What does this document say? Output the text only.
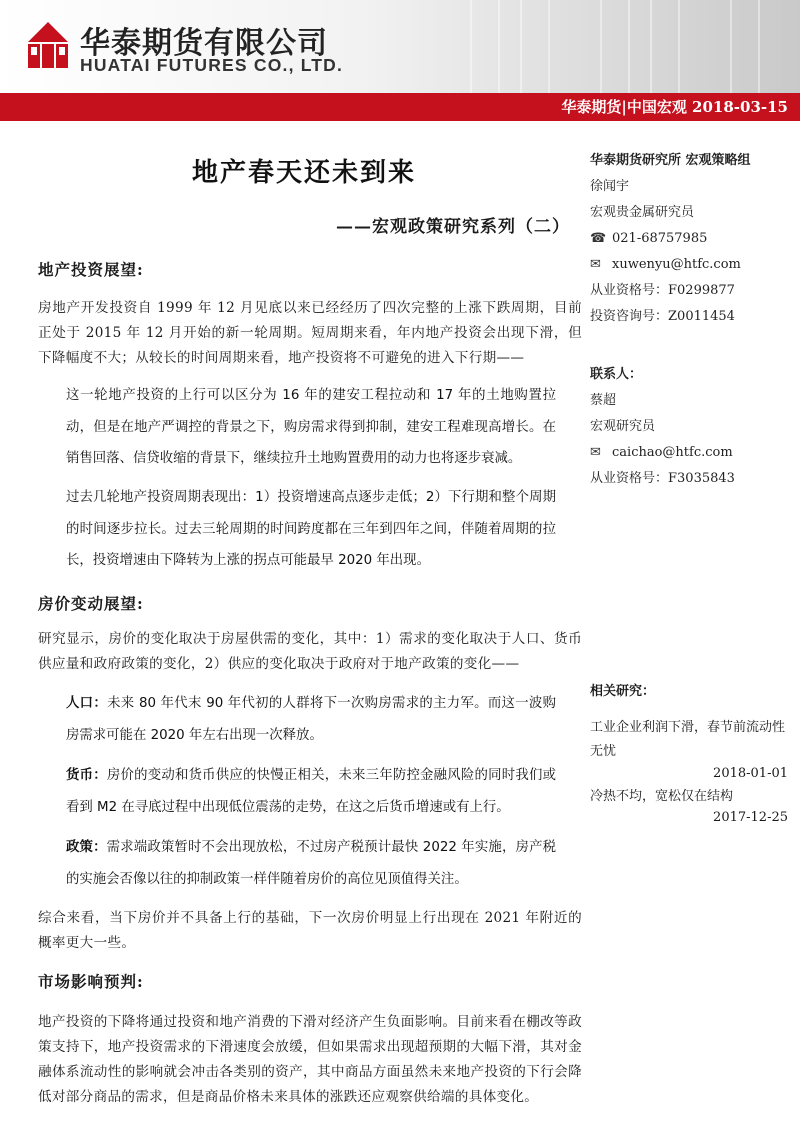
华泰期货有限公司
HUATAI FUTURES CO., LTD.
华泰期货|中国宏观 2018-03-15
地产春天还未到来
——宏观政策研究系列（二）
地产投资展望:
房地产开发投资自 1999 年 12 月见底以来已经经历了四次完整的上涨下跌周期，目前正处于 2015 年 12 月开始的新一轮周期。短周期来看，年内地产投资会出现下滑，但下降幅度不大；从较长的时间周期来看，地产投资将不可避免的进入下行期——
这一轮地产投资的上行可以区分为 16 年的建安工程拉动和 17 年的土地购置拉动，但是在地产严调控的背景之下，购房需求得到抑制，建安工程难现高增长。在销售回落、信贷收缩的背景下，继续拉升土地购置费用的动力也将逐步衰减。
过去几轮地产投资周期表现出：1）投资增速高点逐步走低；2）下行期和整个周期的时间逐步拉长。过去三轮周期的时间跨度都在三年到四年之间，伴随着周期的拉长，投资增速由下降转为上涨的拐点可能最早 2020 年出现。
房价变动展望:
研究显示，房价的变化取决于房屋供需的变化，其中：1）需求的变化取决于人口、货币供应量和政府政策的变化，2）供应的变化取决于政府对于地产政策的变化——
人口：未来 80 年代末 90 年代初的人群将下一次购房需求的主力军。而这一波购房需求可能在 2020 年左右出现一次释放。
货币：房价的变动和货币供应的快慢正相关，未来三年防控金融风险的同时我们或看到 M2 在寻底过程中出现低位震荡的走势，在这之后货币增速或有上行。
政策：需求端政策暂时不会出现放松，不过房产税预计最快 2022 年实施，房产税的实施会否像以往的抑制政策一样伴随着房价的高位见顶值得关注。
综合来看，当下房价并不具备上行的基础，下一次房价明显上行出现在 2021 年附近的概率更大一些。
市场影响预判:
地产投资的下降将通过投资和地产消费的下滑对经济产生负面影响。目前来看在棚改等政策支持下，地产投资需求的下滑速度会放缓，但如果需求出现超预期的大幅下滑，其对金融体系流动性的影响就会冲击各类别的资产，其中商品方面虽然未来地产投资的下行会降低对部分商品的需求，但是商品价格未来具体的涨跌还应观察供给端的具体变化。
华泰期货研究所 宏观策略组
徐闻宇
宏观贵金属研究员
☎ 021-68757985
✉ xuwenyu@htfc.com
从业资格号：F0299877
投资咨询号：Z0011454
联系人：
蔡超
宏观研究员
✉ caichao@htfc.com
从业资格号：F3035843
相关研究：
工业企业利润下滑，春节前流动性无忧
2018-01-01
冷热不均，宽松仅在结构
2017-12-25
